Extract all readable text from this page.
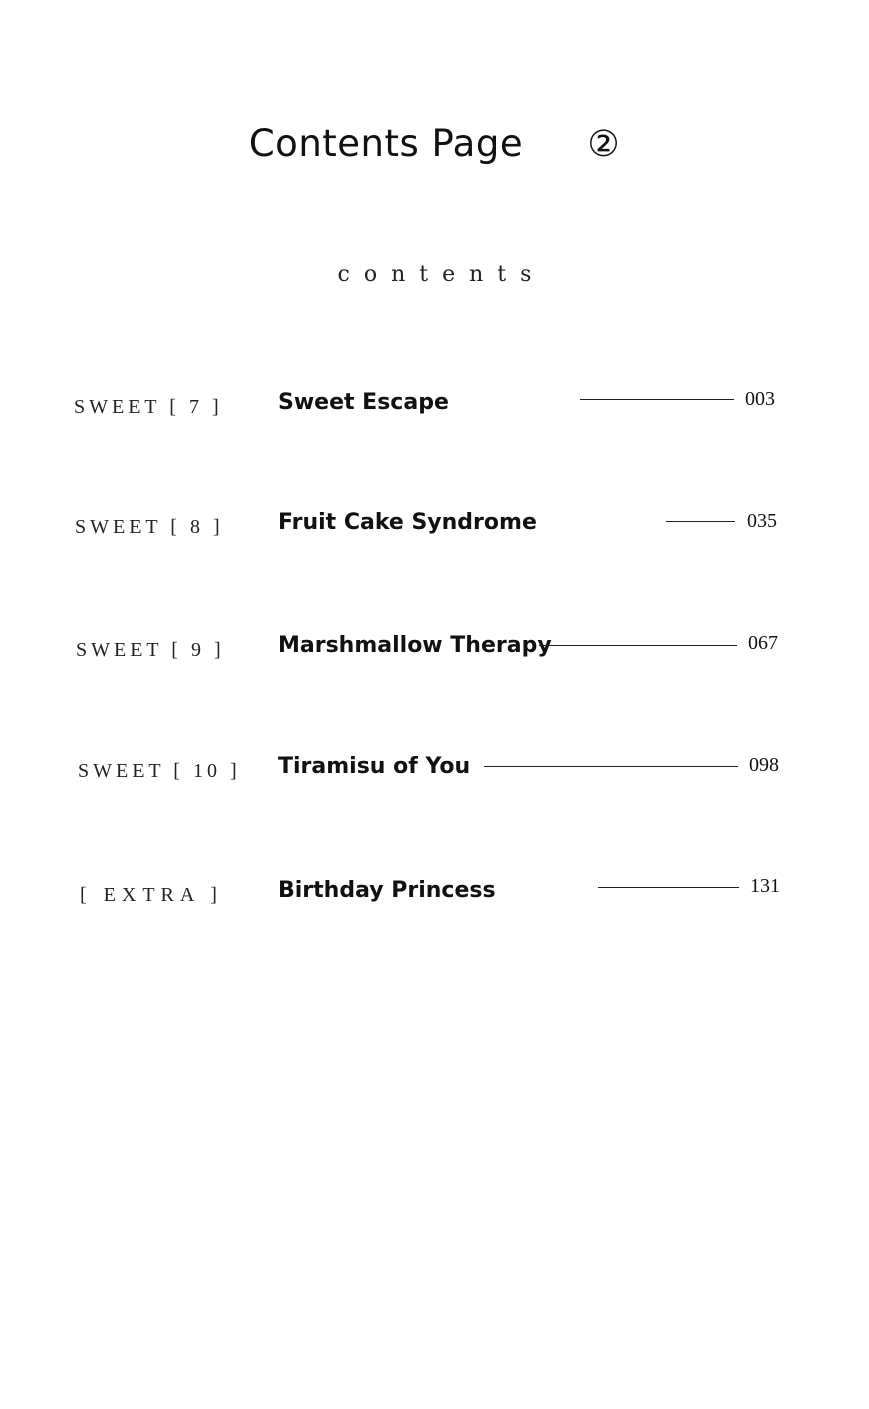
Contents Page ②
contents
SWEET [ 7 ]	Sweet Escape	003
SWEET [ 8 ] Fruit Cake Syndrome	035
SWEET [ 9 ] Marshmallow Therapy	067
SWEET [ 10 ] Tiramisu of You	098
[ EXTRA ]	Birthday Princess	131
